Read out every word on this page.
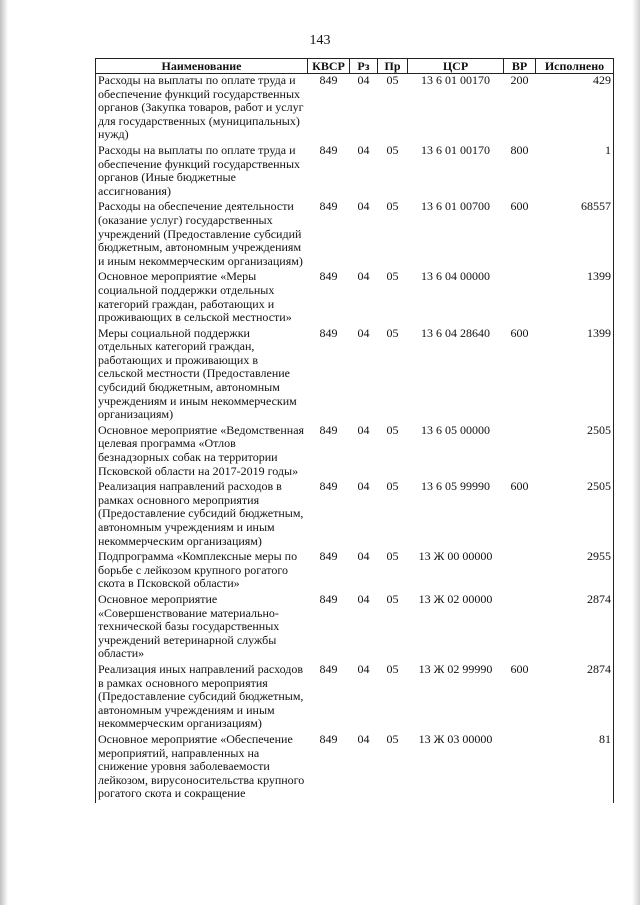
143
Наименование	КВСР	Рз	Пр	ЦСР	ВР	Исполнено
Расходы на выплаты по оплате труда и обеспечение функций государственных органов (Закупка товаров, работ и услуг для государственных (муниципальных) нужд)	849	04	05	13 6 01 00170	200	429
Расходы на выплаты по оплате труда и обеспечение функций государственных органов (Иные бюджетные ассигнования)	849	04	05	13 6 01 00170	800	1
Расходы на обеспечение деятельности (оказание услуг) государственных учреждений (Предоставление субсидий бюджетным, автономным учреждениям и иным некоммерческим организациям)	849	04	05	13 6 01 00700	600	68557
Основное мероприятие «Меры социальной поддержки отдельных категорий граждан, работающих и проживающих в сельской местности»	849	04	05	13 6 04 00000		1399
Меры социальной поддержки отдельных категорий граждан, работающих и проживающих в сельской местности (Предоставление субсидий бюджетным, автономным учреждениям и иным некоммерческим организациям)	849	04	05	13 6 04 28640	600	1399
Основное мероприятие «Ведомственная целевая программа «Отлов безнадзорных собак на территории Псковской области на 2017-2019 годы»	849	04	05	13 6 05 00000		2505
Реализация направлений расходов в рамках основного мероприятия (Предоставление субсидий бюджетным, автономным учреждениям и иным некоммерческим организациям)	849	04	05	13 6 05 99990	600	2505
Подпрограмма «Комплексные меры по борьбе с лейкозом крупного рогатого скота в Псковской области»	849	04	05	13 Ж 00 00000		2955
Основное мероприятие «Совершенствование материально-технической базы государственных учреждений ветеринарной службы области»	849	04	05	13 Ж 02 00000		2874
Реализация иных направлений расходов в рамках основного мероприятия (Предоставление субсидий бюджетным, автономным учреждениям и иным некоммерческим организациям)	849	04	05	13 Ж 02 99990	600	2874
Основное мероприятие «Обеспечение мероприятий, направленных на снижение уровня заболеваемости лейкозом, вирусоносительства крупного рогатого скота и сокращение	849	04	05	13 Ж 03 00000		81
